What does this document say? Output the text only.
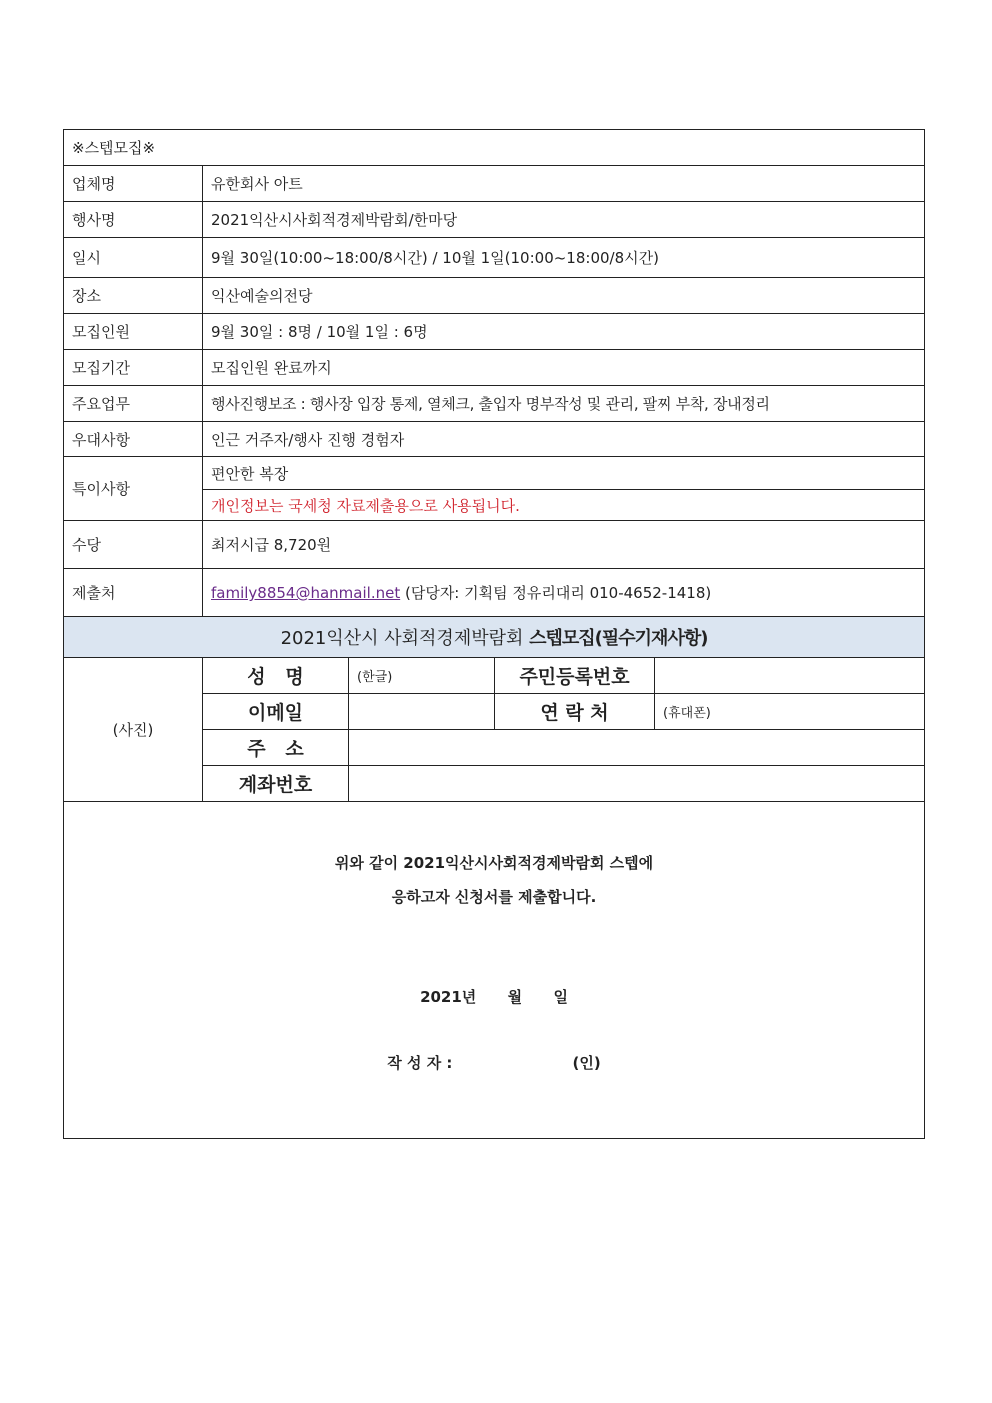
※스텝모집※				
업체명	유한회사 아트			
행사명	2021익산시사회적경제박람회/한마당			
일시	9월 30일(10:00~18:00/8시간) / 10월 1일(10:00~18:00/8시간)			
장소	익산예술의전당			
모집인원	9월 30일 : 8명 / 10월 1일 : 6명			
모집기간	모집인원 완료까지			
주요업무	행사진행보조 : 행사장 입장 통제, 열체크, 출입자 명부작성 및 관리, 팔찌 부착, 장내정리			
우대사항	인근 거주자/행사 진행 경험자			
특이사항	편안한 복장			
	개인정보는 국세청 자료제출용으로 사용됩니다.			
수당	최저시급 8,720원			
제출처	family8854@hanmail.net (담당자: 기획팀 정유리대리 010-4652-1418)			
2021익산시 사회적경제박람회 스텝모집(필수기재사항)				
(사진)	성   명	(한글)	주민등록번호	
	이메일		연 락 처	(휴대폰)
	주   소			
	계좌번호			

위와 같이 2021익산시사회적경제박람회 스텝에
응하고자 신청서를 제출합니다.
2021년      월      일
작 성 자 :                       (인)				
